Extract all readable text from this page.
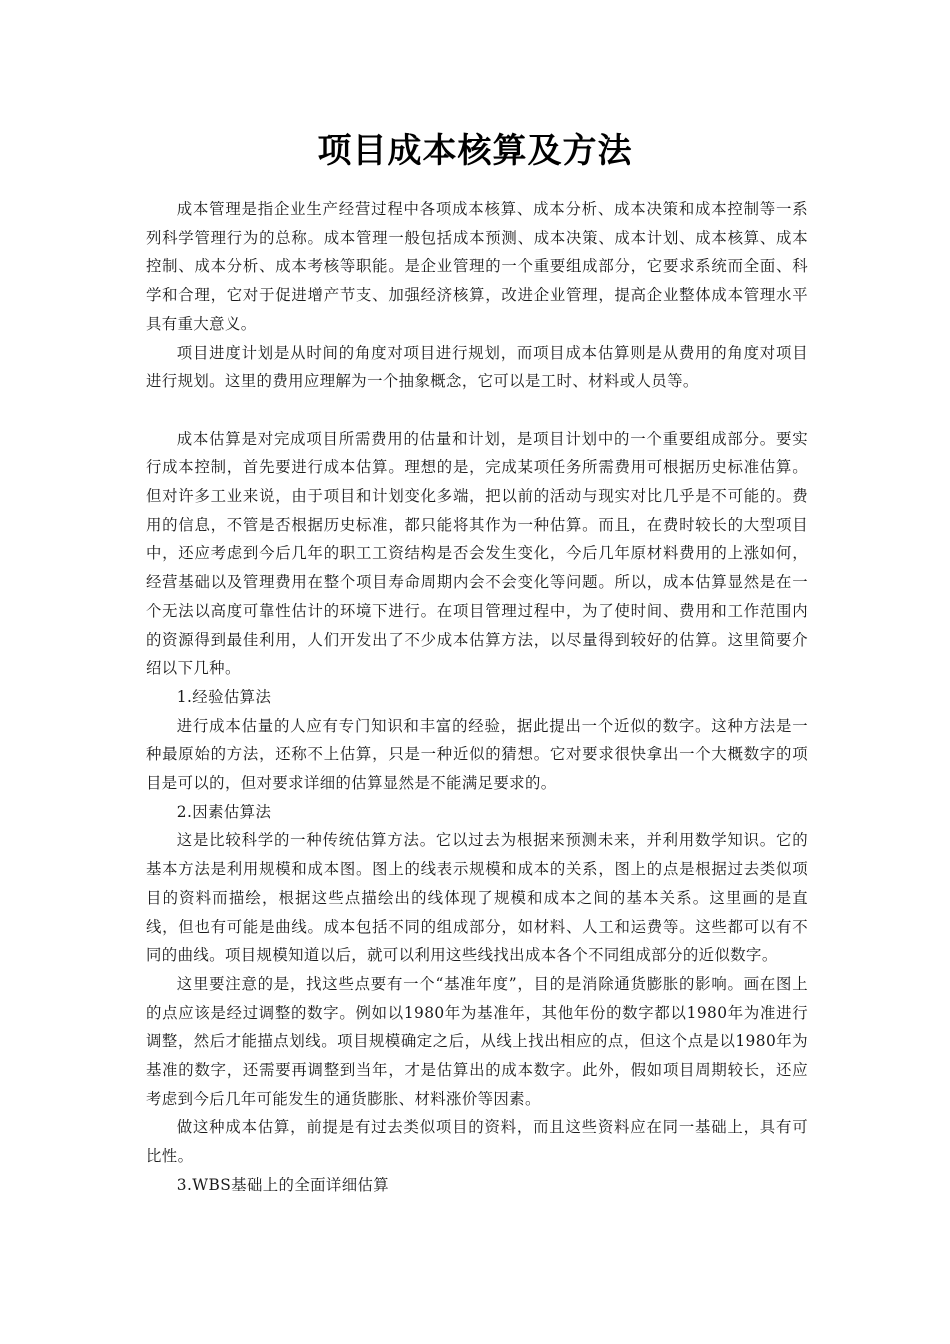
项目成本核算及方法

成本管理是指企业生产经营过程中各项成本核算、成本分析、成本决策和成本控制等一系列科学管理行为的总称。成本管理一般包括成本预测、成本决策、成本计划、成本核算、成本控制、成本分析、成本考核等职能。是企业管理的一个重要组成部分，它要求系统而全面、科学和合理，它对于促进增产节支、加强经济核算，改进企业管理，提高企业整体成本管理水平具有重大意义。

项目进度计划是从时间的角度对项目进行规划，而项目成本估算则是从费用的角度对项目进行规划。这里的费用应理解为一个抽象概念，它可以是工时、材料或人员等。

成本估算是对完成项目所需费用的估量和计划，是项目计划中的一个重要组成部分。要实行成本控制，首先要进行成本估算。理想的是，完成某项任务所需费用可根据历史标准估算。但对许多工业来说，由于项目和计划变化多端，把以前的活动与现实对比几乎是不可能的。费用的信息，不管是否根据历史标准，都只能将其作为一种估算。而且，在费时较长的大型项目中，还应考虑到今后几年的职工工资结构是否会发生变化，今后几年原材料费用的上涨如何，经营基础以及管理费用在整个项目寿命周期内会不会变化等问题。所以，成本估算显然是在一个无法以高度可靠性估计的环境下进行。在项目管理过程中，为了使时间、费用和工作范围内的资源得到最佳利用，人们开发出了不少成本估算方法，以尽量得到较好的估算。这里简要介绍以下几种。

1.经验估算法

进行成本估量的人应有专门知识和丰富的经验，据此提出一个近似的数字。这种方法是一种最原始的方法，还称不上估算，只是一种近似的猜想。它对要求很快拿出一个大概数字的项目是可以的，但对要求详细的估算显然是不能满足要求的。

2.因素估算法

这是比较科学的一种传统估算方法。它以过去为根据来预测未来，并利用数学知识。它的基本方法是利用规模和成本图。图上的线表示规模和成本的关系，图上的点是根据过去类似项目的资料而描绘，根据这些点描绘出的线体现了规模和成本之间的基本关系。这里画的是直线，但也有可能是曲线。成本包括不同的组成部分，如材料、人工和运费等。这些都可以有不同的曲线。项目规模知道以后，就可以利用这些线找出成本各个不同组成部分的近似数字。

这里要注意的是，找这些点要有一个“基准年度”，目的是消除通货膨胀的影响。画在图上的点应该是经过调整的数字。例如以1980年为基准年，其他年份的数字都以1980年为准进行调整，然后才能描点划线。项目规模确定之后，从线上找出相应的点，但这个点是以1980年为基准的数字，还需要再调整到当年，才是估算出的成本数字。此外，假如项目周期较长，还应考虑到今后几年可能发生的通货膨胀、材料涨价等因素。

做这种成本估算，前提是有过去类似项目的资料，而且这些资料应在同一基础上，具有可比性。

3.WBS基础上的全面详细估算
